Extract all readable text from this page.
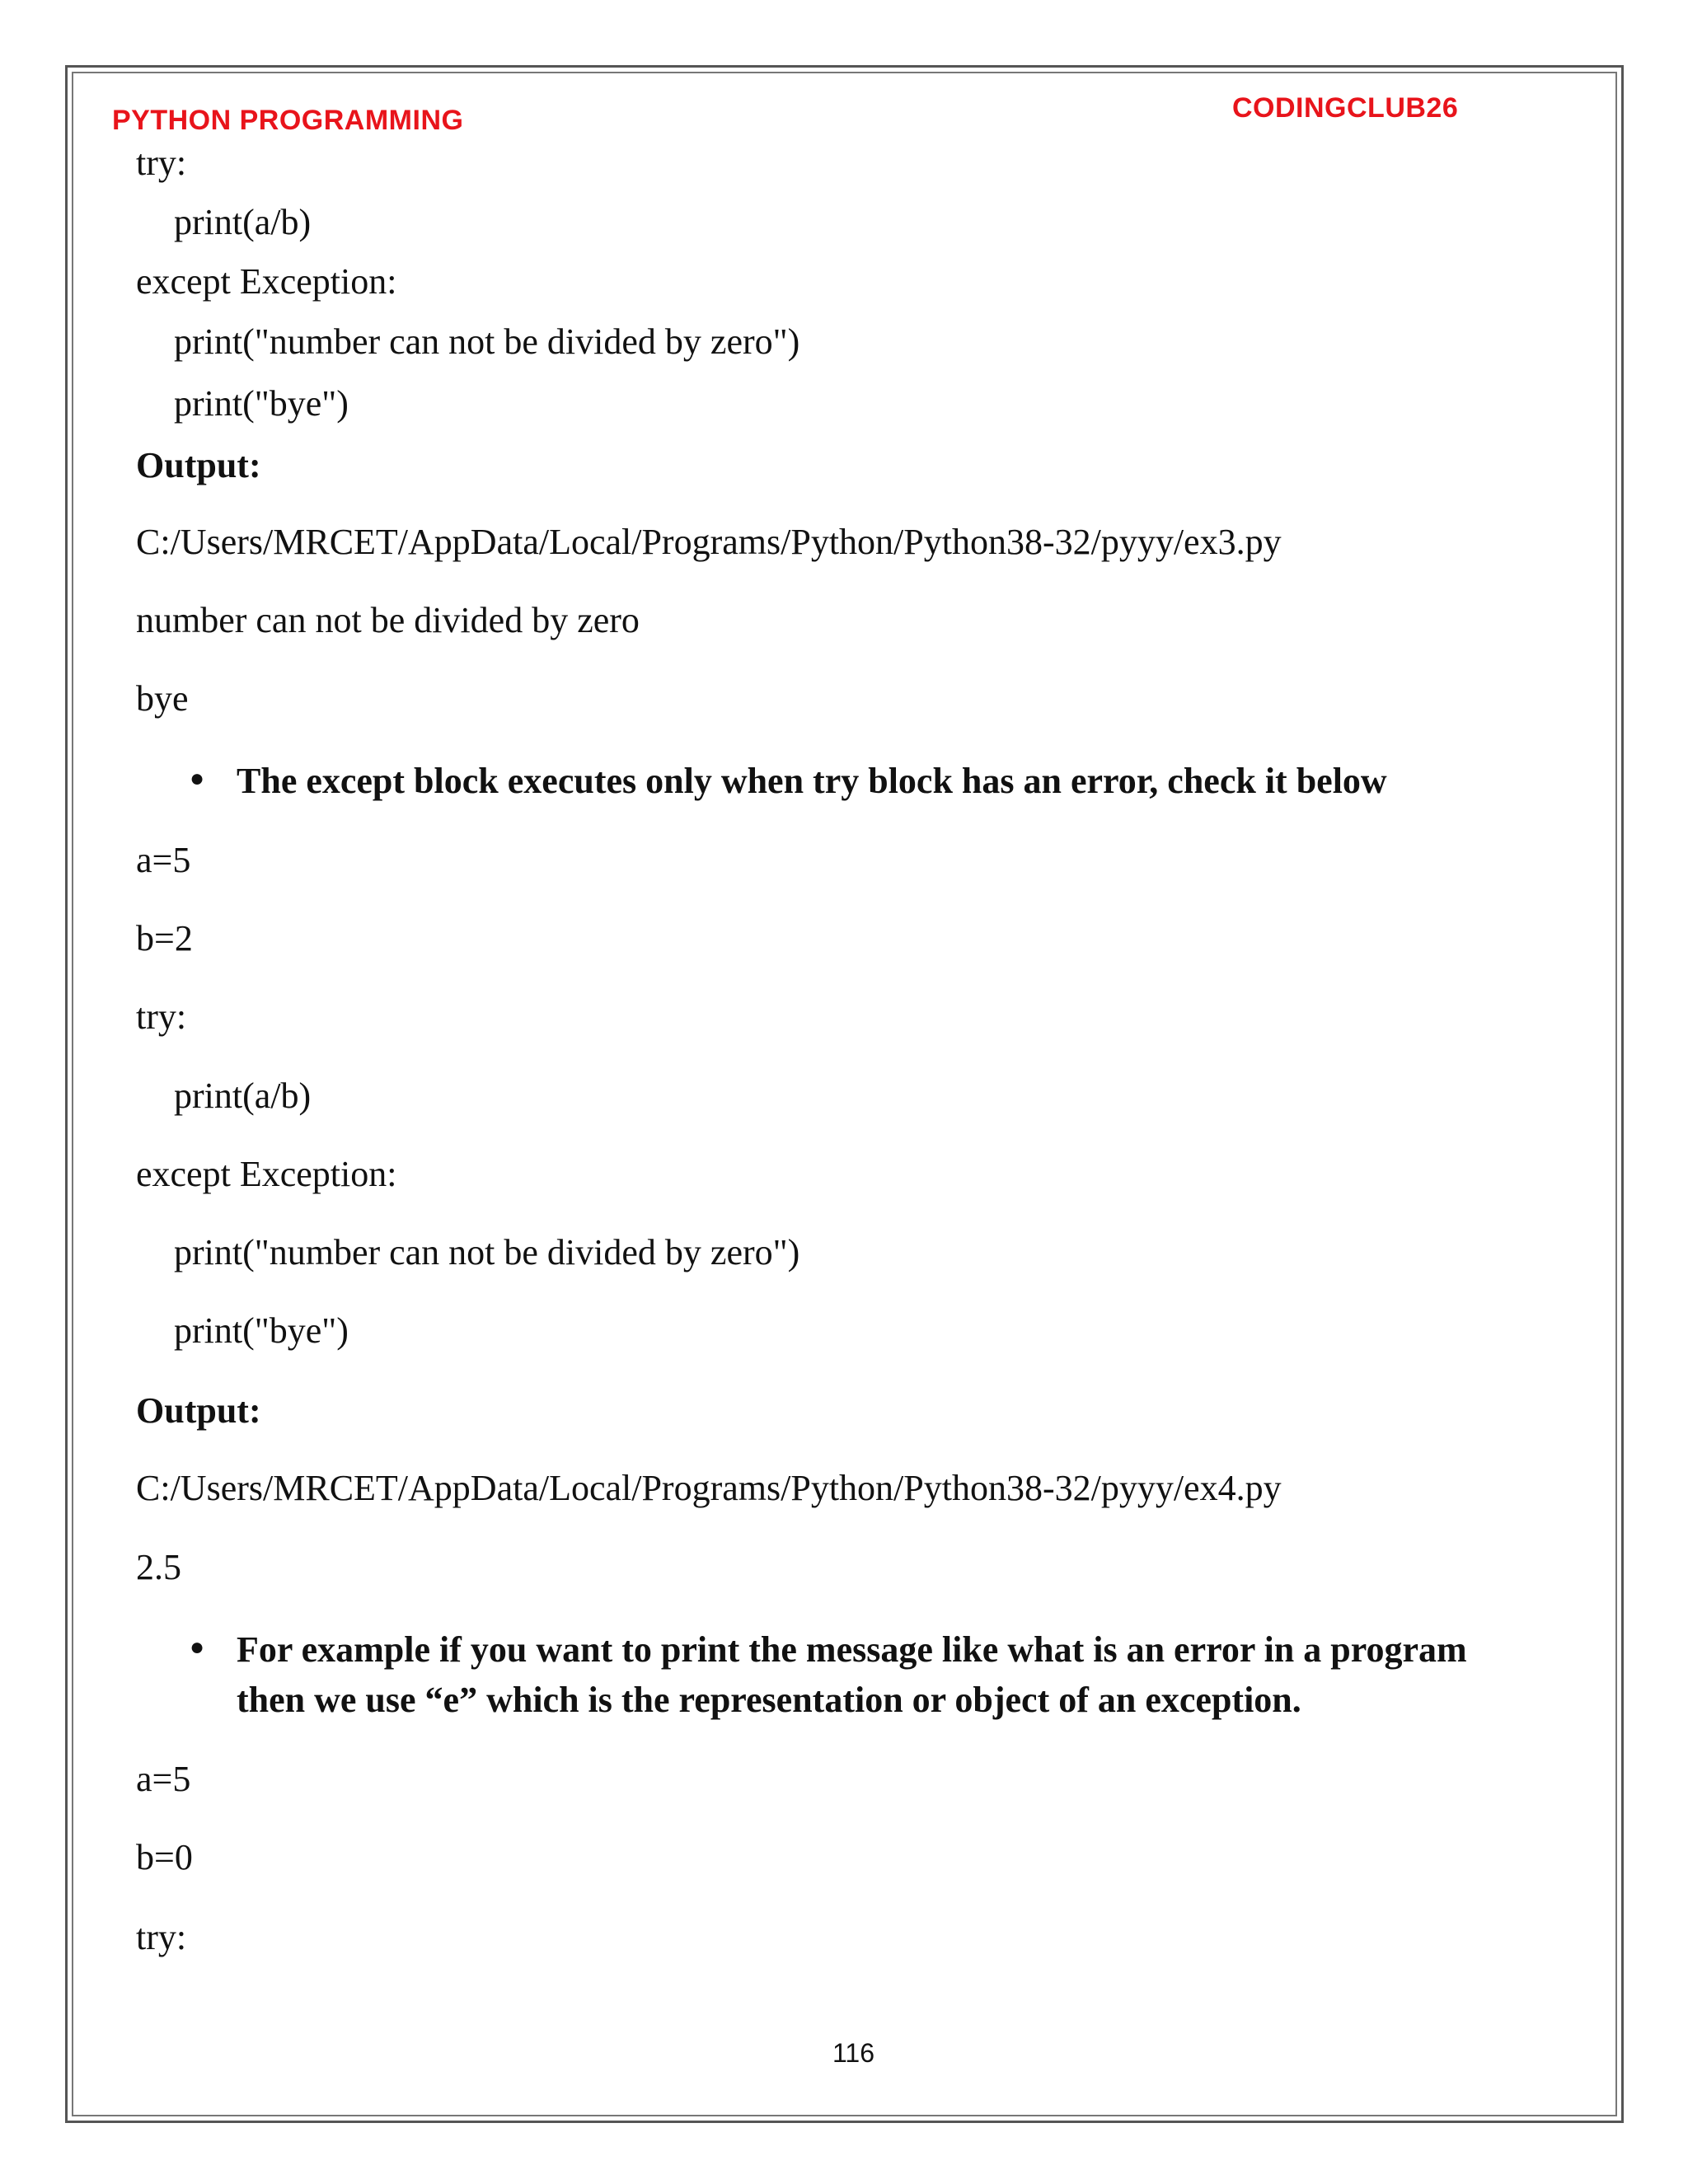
PYTHON PROGRAMMING	CODINGCLUB26
try:
print(a/b)
except Exception:
print("number can not be divided by zero")
print("bye")
Output:
C:/Users/MRCET/AppData/Local/Programs/Python/Python38-32/pyyy/ex3.py
number can not be divided by zero
bye
● The except block executes only when try block has an error, check it below
a=5
b=2
try:
print(a/b)
except Exception:
print("number can not be divided by zero")
print("bye")
Output:
C:/Users/MRCET/AppData/Local/Programs/Python/Python38-32/pyyy/ex4.py
2.5
● For example if you want to print the message like what is an error in a program
then we use “e” which is the representation or object of an exception.
a=5
b=0
try:
116
